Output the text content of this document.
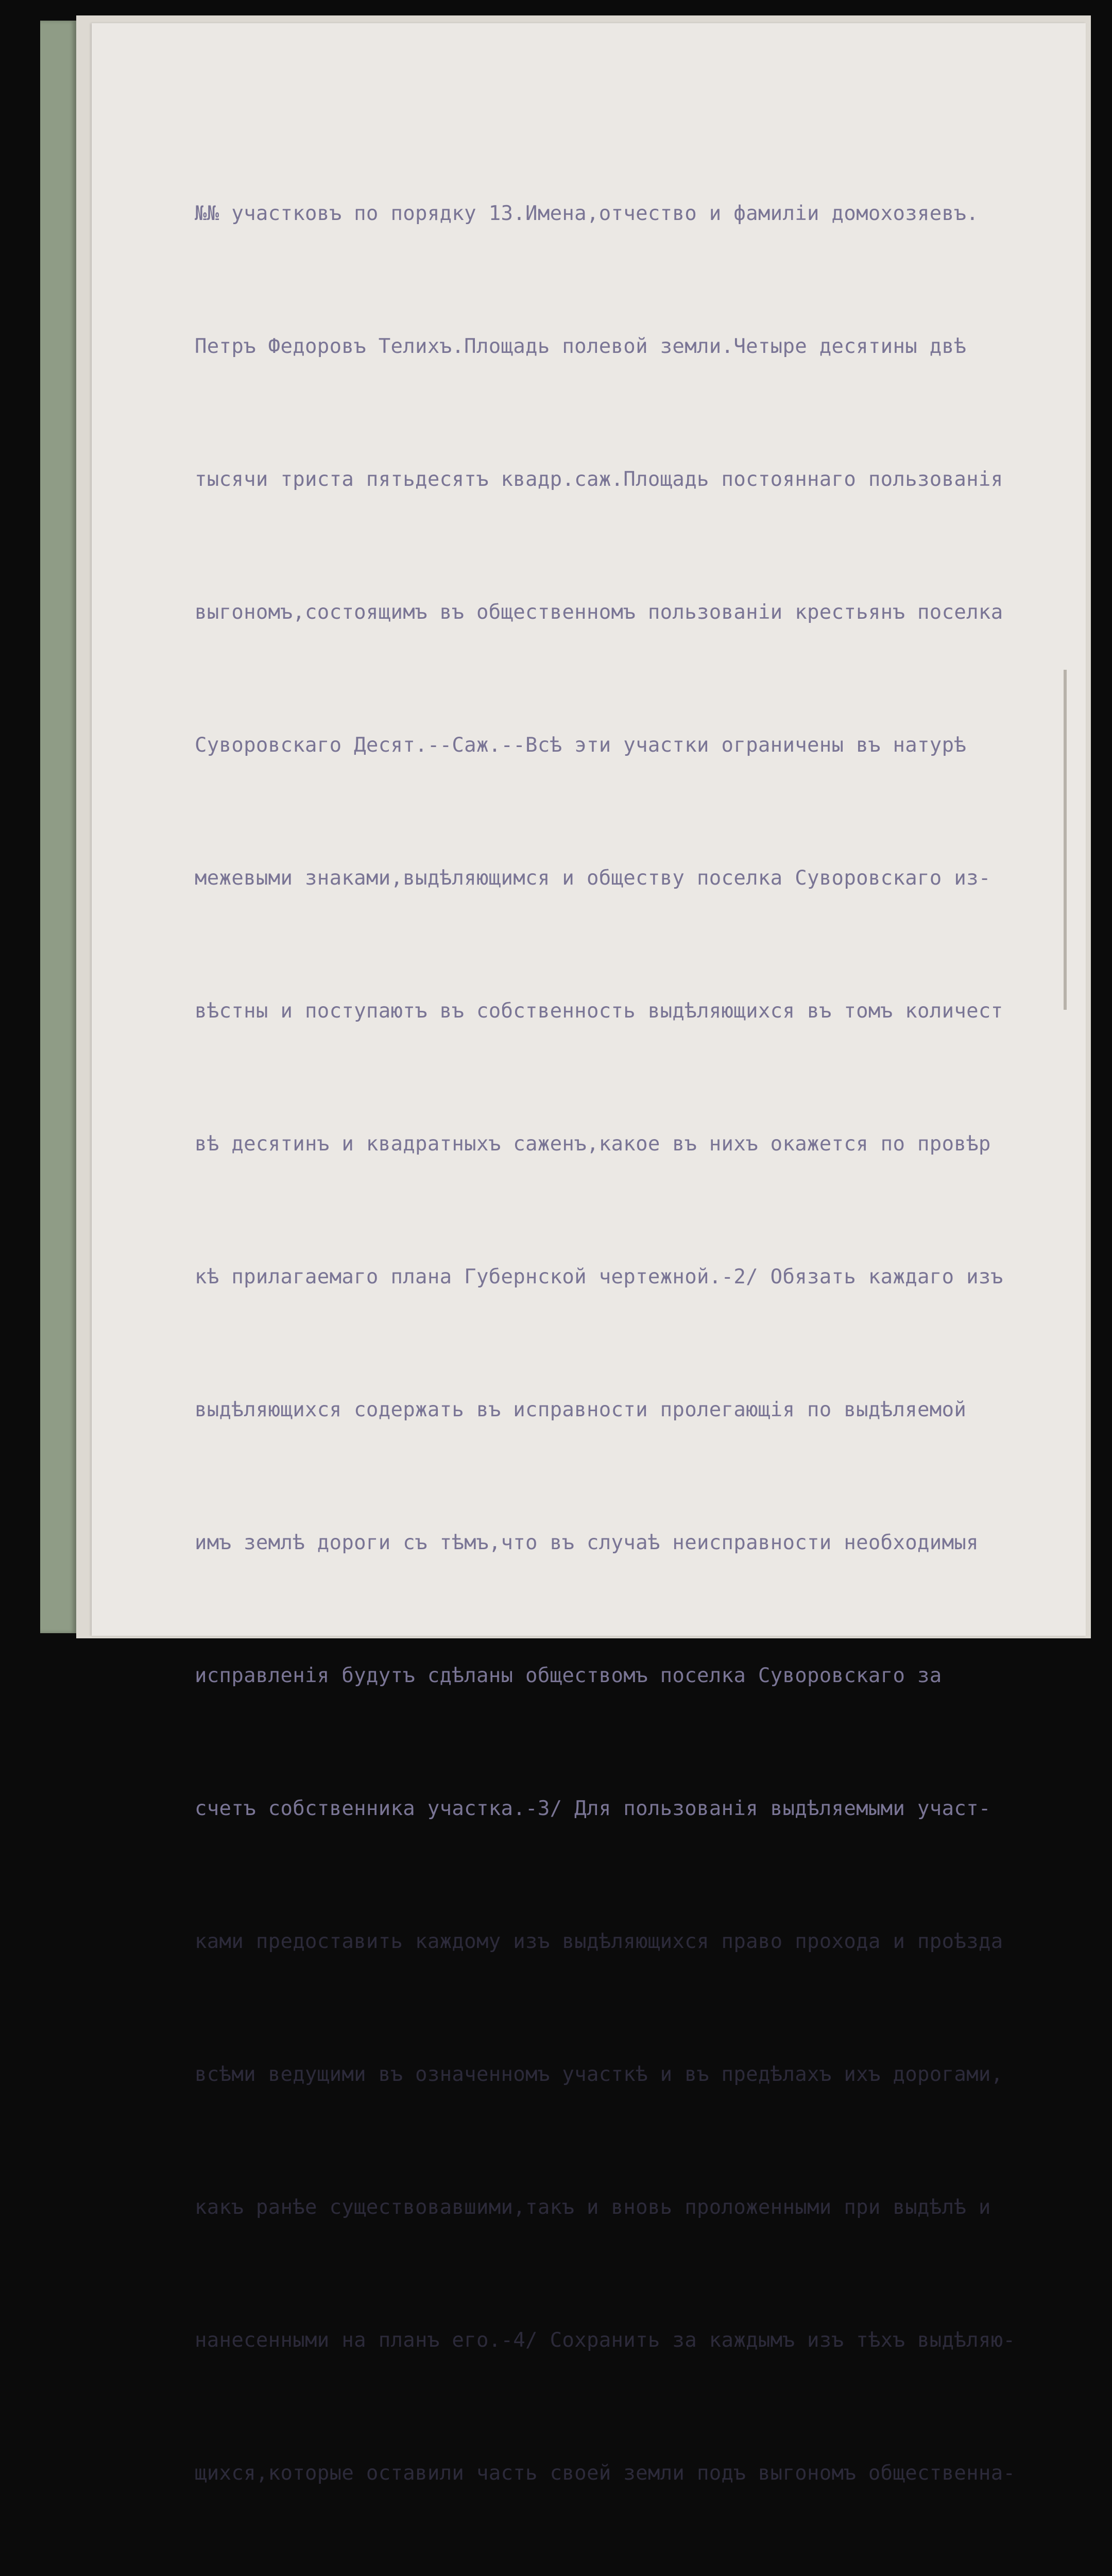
№№ участковъ по порядку 13.Имена,отчество и фамилiи домохозяевъ.

Петръ Федоровъ Телихъ.Площадь полевой земли.Четыре десятины двѣ

тысячи триста пятьдесятъ квадр.саж.Площадь постояннаго пользованiя

выгономъ,состоящимъ въ общественномъ пользованiи крестьянъ поселка

Суворовскаго Десят.--Саж.--Всѣ эти участки ограничены въ натурѣ

межевыми знаками,выдѣляющимся и обществу поселка Суворовскаго из-

вѣстны и поступаютъ въ собственность выдѣляющихся въ томъ количест

вѣ десятинъ и квадратныхъ саженъ,какое въ нихъ окажется по провѣр

кѣ прилагаемаго плана Губернской чертежной.-2/ Обязать каждаго изъ

выдѣляющихся содержать въ исправности пролегающiя по выдѣляемой

имъ землѣ дороги съ тѣмъ,что въ случаѣ неисправности необходимыя

исправленiя будутъ сдѣланы обществомъ поселка Суворовскаго за

счетъ собственника участка.-3/ Для пользованiя выдѣляемыми участ-

ками предоставить каждому изъ выдѣляющихся право прохода и проѣзда

всѣми ведущими въ означенномъ участкѣ и въ предѣлахъ ихъ дорогами,

какъ ранѣе существовавшими,такъ и вновь проложенными при выдѣлѣ и

нанесенными на планъ его.-4/ Сохранить за каждымъ изъ тѣхъ выдѣляю-

щихся,которые оставили часть своей земли подъ выгономъ общественна-
